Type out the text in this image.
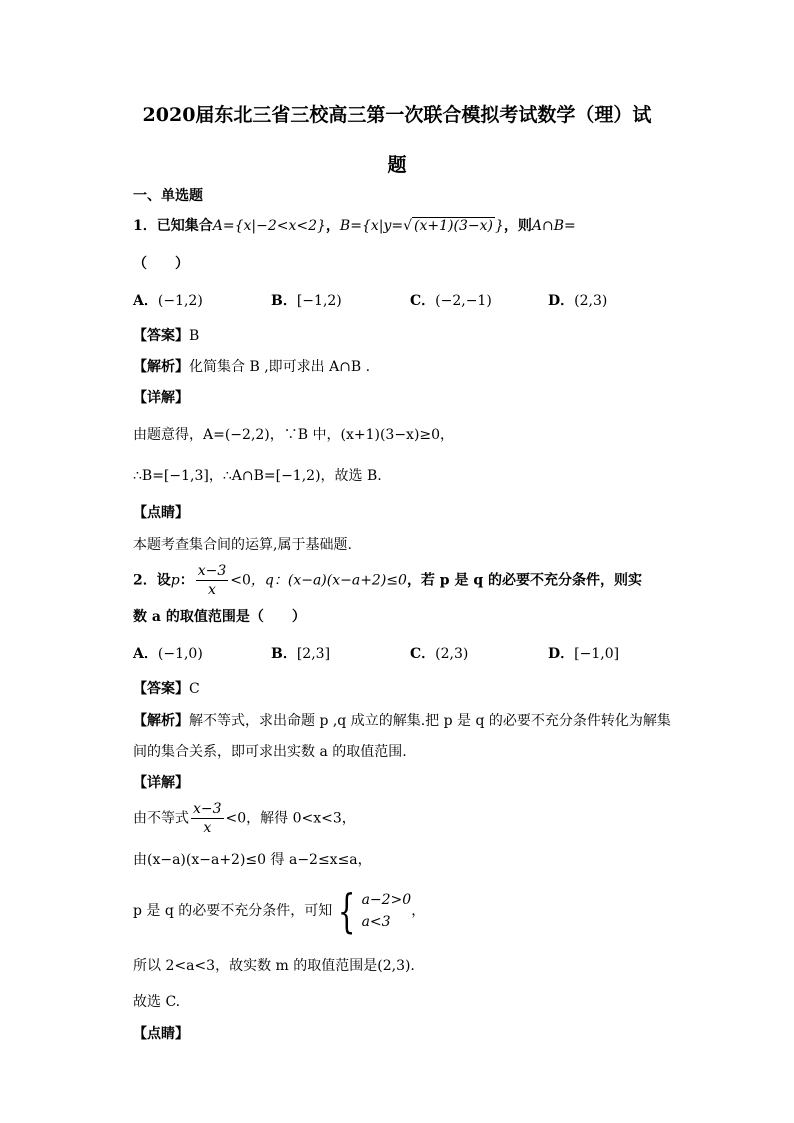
2020届东北三省三校高三第一次联合模拟考试数学（理）试
题
一、单选题
1．已知集合A={x|−2<x<2}，B={x|y=√ (x+1)(3−x) }，则A∩B=
（　　）
A．(−1,2)	B．[−1,2)	C．(−2,−1)	D．(2,3)
【答案】B
【解析】化简集合 B ,即可求出 A∩B .
【详解】
由题意得，A=(−2,2)，∵B 中，(x+1)(3−x)≥0，
∴B=[−1,3]，∴A∩B=[−1,2)，故选 B.
【点睛】
本题考查集合间的运算,属于基础题.
2．设p： $\frac{x-3}{x} <0$，q：(x−a)(x−a+2)≤0，若 p 是 q 的必要不充分条件，则实
数 a 的取值范围是（　　）
A．(−1,0)	B．[2,3]	C．(2,3)	D．[−1,0]
【答案】C
【解析】解不等式，求出命题 p ,q 成立的解集.把 p 是 q 的必要不充分条件转化为解集
间的集合关系，即可求出实数 a 的取值范围.
【详解】
由不等式 $\frac{x-3}{x} <0$，解得 0<x<3，
由(x−a)(x−a+2)≤0 得 a−2≤x≤a，
p 是 q 的必要不充分条件，可知 { a−2>0
a<3
，
所以 2<a<3，故实数 m 的取值范围是(2,3).
故选 C.
【点睛】
